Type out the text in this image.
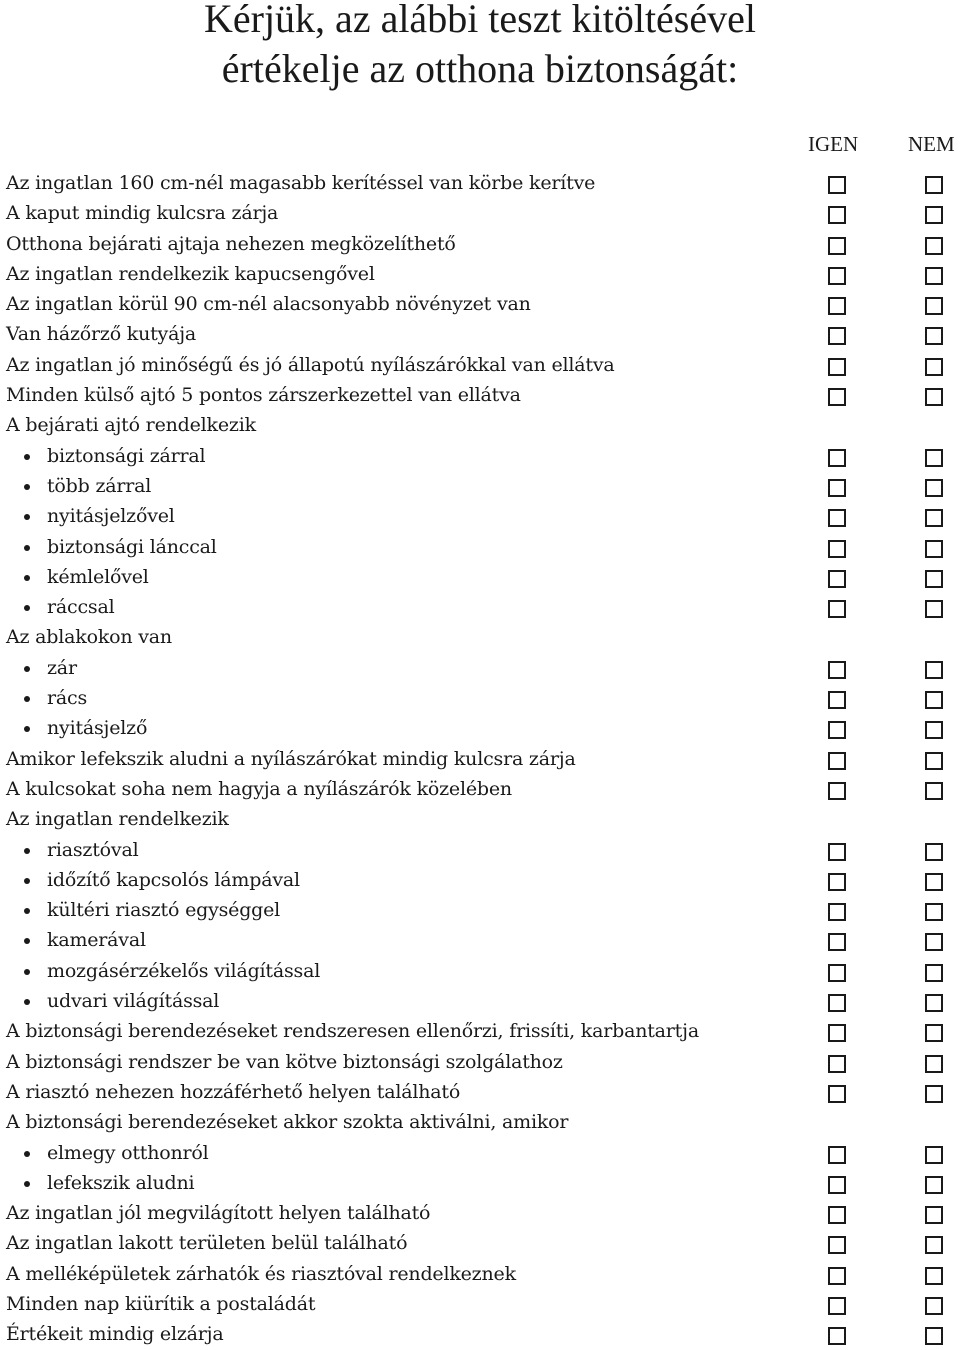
Kérjük, az alábbi teszt kitöltésével
értékelje az otthona biztonságát:
IGEN NEM
Az ingatlan 160 cm-nél magasabb kerítéssel van körbe kerítve
A kaput mindig kulcsra zárja
Otthona bejárati ajtaja nehezen megközelíthető
Az ingatlan rendelkezik kapucsengővel
Az ingatlan körül 90 cm-nél alacsonyabb növényzet van
Van házőrző kutyája
Az ingatlan jó minőségű és jó állapotú nyílászárókkal van ellátva
Minden külső ajtó 5 pontos zárszerkezettel van ellátva
A bejárati ajtó rendelkezik
biztonsági zárral
több zárral
nyitásjelzővel
biztonsági lánccal
kémlelővel
ráccsal
Az ablakokon van
zár
rács
nyitásjelző
Amikor lefekszik aludni a nyílászárókat mindig kulcsra zárja
A kulcsokat soha nem hagyja a nyílászárók közelében
Az ingatlan rendelkezik
riasztóval
időzítő kapcsolós lámpával
kültéri riasztó egységgel
kamerával
mozgásérzékelős világítással
udvari világítással
A biztonsági berendezéseket rendszeresen ellenőrzi, frissíti, karbantartja
A biztonsági rendszer be van kötve biztonsági szolgálathoz
A riasztó nehezen hozzáférhető helyen található
A biztonsági berendezéseket akkor szokta aktiválni, amikor
elmegy otthonról
lefekszik aludni
Az ingatlan jól megvilágított helyen található
Az ingatlan lakott területen belül található
A melléképületek zárhatók és riasztóval rendelkeznek
Minden nap kiürítik a postaládát
Értékeit mindig elzárja
